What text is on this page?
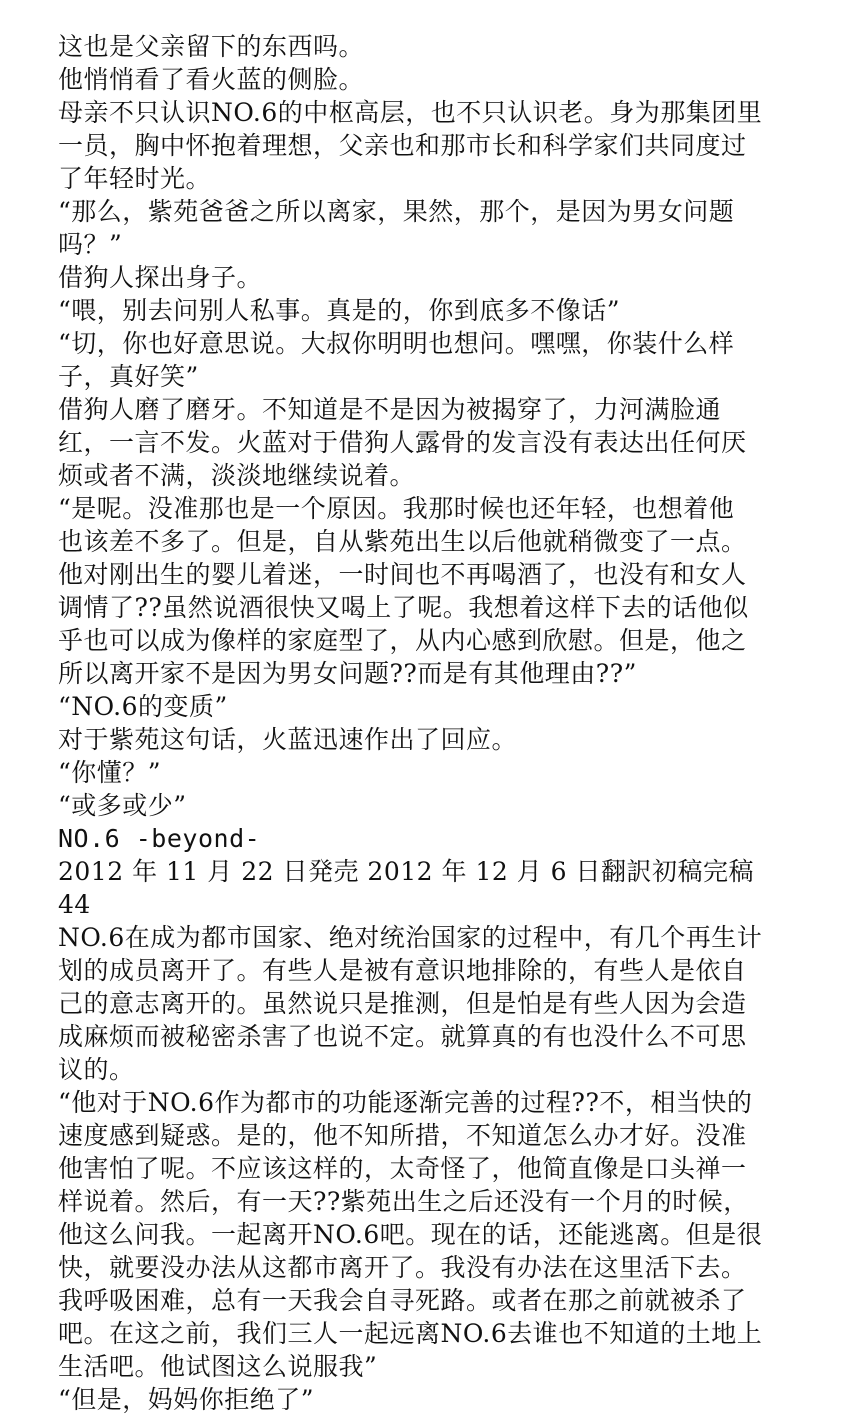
这也是父亲留下的东西吗。
他悄悄看了看火蓝的侧脸。
母亲不只认识NO.6的中枢高层，也不只认识老。身为那集团里
一员，胸中怀抱着理想，父亲也和那市长和科学家们共同度过
了年轻时光。
“那么，紫苑爸爸之所以离家，果然，那个，是因为男女问题
吗？”
借狗人探出身子。
“喂，别去问别人私事。真是的，你到底多不像话”
“切，你也好意思说。大叔你明明也想问。嘿嘿，你装什么样
子，真好笑”
借狗人磨了磨牙。不知道是不是因为被揭穿了，力河满脸通
红，一言不发。火蓝对于借狗人露骨的发言没有表达出任何厌
烦或者不满，淡淡地继续说着。
“是呢。没准那也是一个原因。我那时候也还年轻，也想着他
也该差不多了。但是，自从紫苑出生以后他就稍微变了一点。
他对刚出生的婴儿着迷，一时间也不再喝酒了，也没有和女人
调情了??虽然说酒很快又喝上了呢。我想着这样下去的话他似
乎也可以成为像样的家庭型了，从内心感到欣慰。但是，他之
所以离开家不是因为男女问题??而是有其他理由??”
“NO.6的变质”
对于紫苑这句话，火蓝迅速作出了回应。
“你懂？”
“或多或少”
NO.6 -beyond-
2012 年 11 月 22 日発売 2012 年 12 月 6 日翻訳初稿完稿
44
NO.6在成为都市国家、绝对统治国家的过程中，有几个再生计
划的成员离开了。有些人是被有意识地排除的，有些人是依自
己的意志离开的。虽然说只是推测，但是怕是有些人因为会造
成麻烦而被秘密杀害了也说不定。就算真的有也没什么不可思
议的。
“他对于NO.6作为都市的功能逐渐完善的过程??不，相当快的
速度感到疑惑。是的，他不知所措，不知道怎么办才好。没准
他害怕了呢。不应该这样的，太奇怪了，他简直像是口头禅一
样说着。然后，有一天??紫苑出生之后还没有一个月的时候，
他这么问我。一起离开NO.6吧。现在的话，还能逃离。但是很
快，就要没办法从这都市离开了。我没有办法在这里活下去。
我呼吸困难，总有一天我会自寻死路。或者在那之前就被杀了
吧。在这之前，我们三人一起远离NO.6去谁也不知道的土地上
生活吧。他试图这么说服我”
“但是，妈妈你拒绝了”
